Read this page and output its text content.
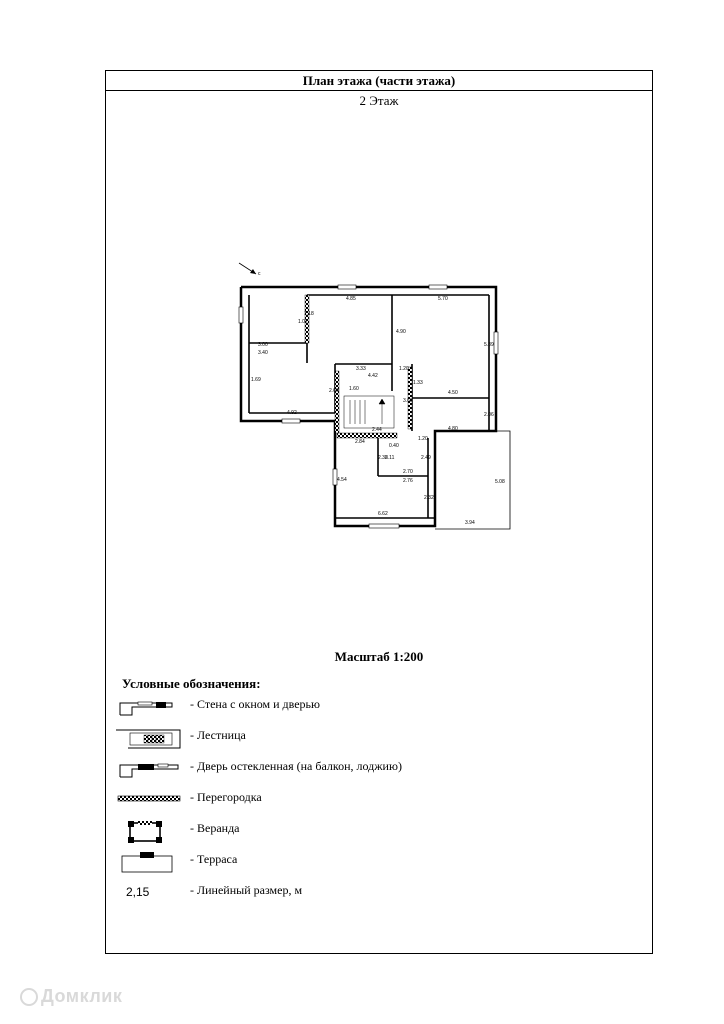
План этажа (части этажа)
2 Этаж
с
4.85	5.70
3.00
3.40
1.02
4.90
5.89
1.69
4.92
3.33
4.42
1.20
1.33
4.50
2.06
4.80
1.20
2.60 1.60
3.63
2.44
0.40
2.84
2.38
2.11	2.49
2.70
2.76
4.54
2.32
6.62
5.08
3.94
1.18
Масштаб 1:200
Условные обозначения:
- Стена с окном и дверью
- Лестница
- Дверь остекленная (на балкон, лоджию)
- Перегородка
- Веранда
- Терраса
2,15	- Линейный размер, м
Домклик
